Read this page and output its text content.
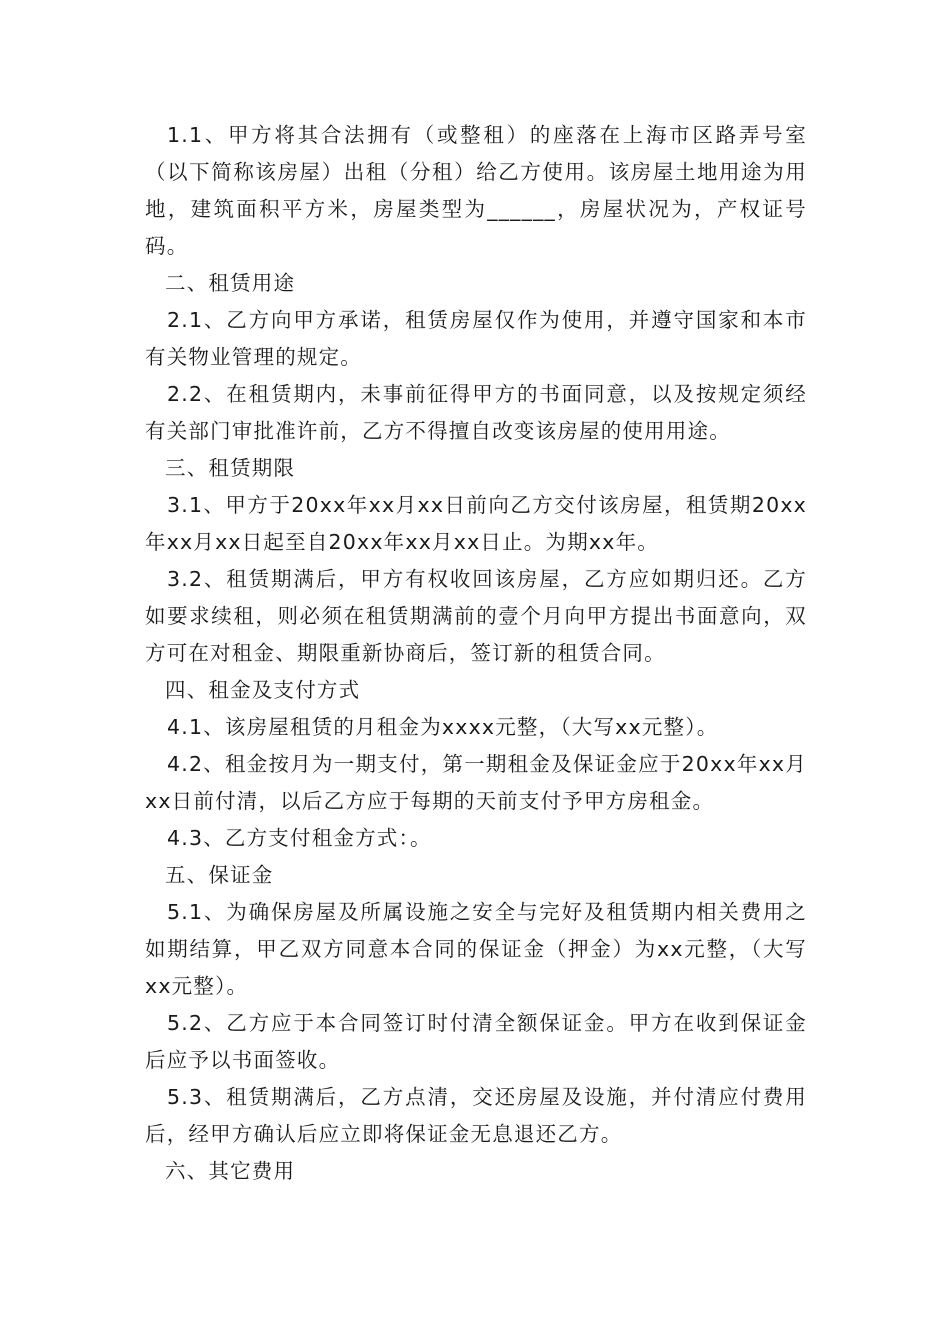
1.1、甲方将其合法拥有（或整租）的座落在上海市区路弄号室（以下简称该房屋）出租（分租）给乙方使用。该房屋土地用途为用地，建筑面积平方米，房屋类型为______，房屋状况为，产权证号码。

二、租赁用途

2.1、乙方向甲方承诺，租赁房屋仅作为使用，并遵守国家和本市有关物业管理的规定。

2.2、在租赁期内，未事前征得甲方的书面同意，以及按规定须经有关部门审批准许前，乙方不得擅自改变该房屋的使用用途。

三、租赁期限

3.1、甲方于20xx年xx月xx日前向乙方交付该房屋，租赁期20xx年xx月xx日起至自20xx年xx月xx日止。为期xx年。

3.2、租赁期满后，甲方有权收回该房屋，乙方应如期归还。乙方如要求续租，则必须在租赁期满前的壹个月向甲方提出书面意向，双方可在对租金、期限重新协商后，签订新的租赁合同。

四、租金及支付方式

4.1、该房屋租赁的月租金为xxxx元整，（大写xx元整）。

4.2、租金按月为一期支付，第一期租金及保证金应于20xx年xx月xx日前付清，以后乙方应于每期的天前支付予甲方房租金。

4.3、乙方支付租金方式：。

五、保证金

5.1、为确保房屋及所属设施之安全与完好及租赁期内相关费用之如期结算，甲乙双方同意本合同的保证金（押金）为xx元整，（大写xx元整）。

5.2、乙方应于本合同签订时付清全额保证金。甲方在收到保证金后应予以书面签收。

5.3、租赁期满后，乙方点清，交还房屋及设施，并付清应付费用后，经甲方确认后应立即将保证金无息退还乙方。

六、其它费用
